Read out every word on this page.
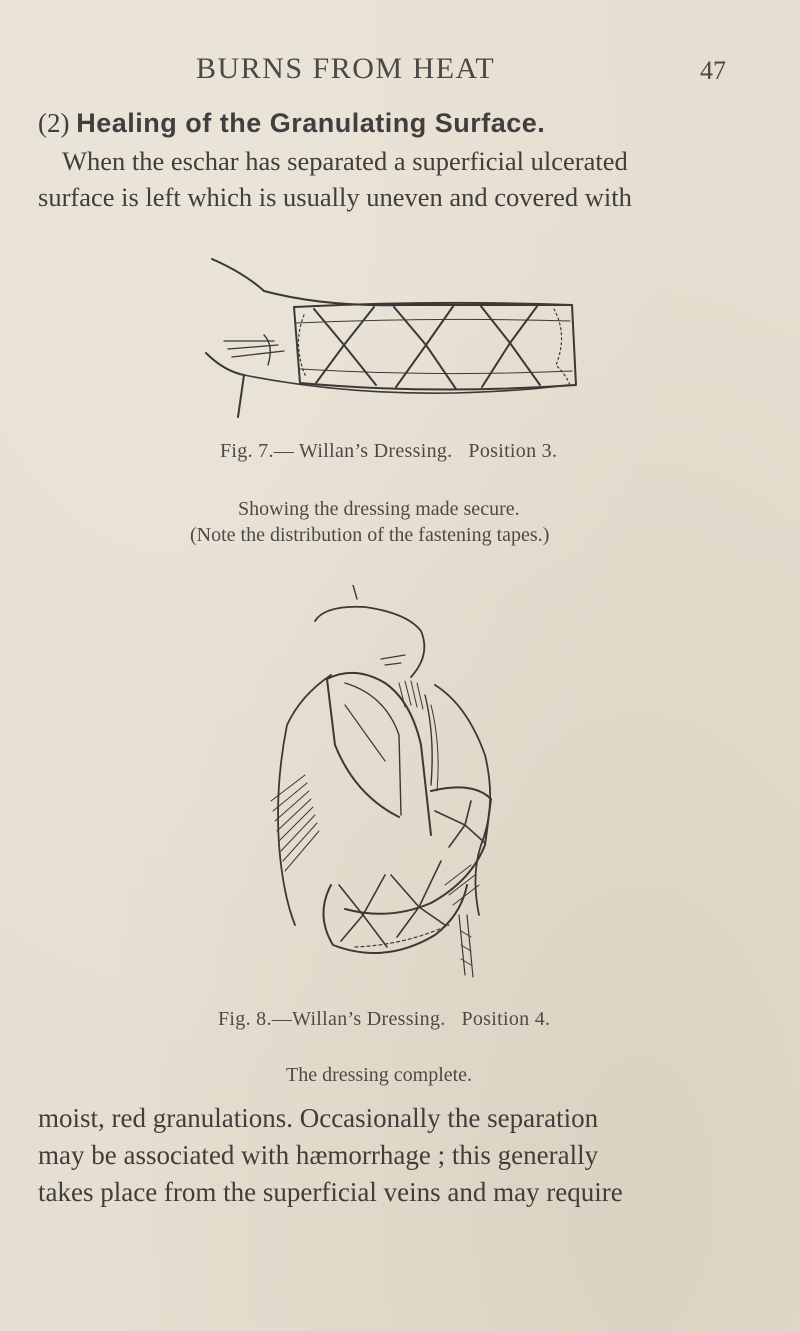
BURNS FROM HEAT	47
(2) Healing of the Granulating Surface.
When the eschar has separated a superficial ulcerated
surface is left which is usually uneven and covered with
Fig. 7.— Willan’s Dressing. Position 3.
Showing the dressing made secure.
(Note the distribution of the fastening tapes.)
Fig. 8.—Willan’s Dressing. Position 4.
The dressing complete.
moist, red granulations. Occasionally the separation
may be associated with hæmorrhage ; this generally
takes place from the superficial veins and may require
